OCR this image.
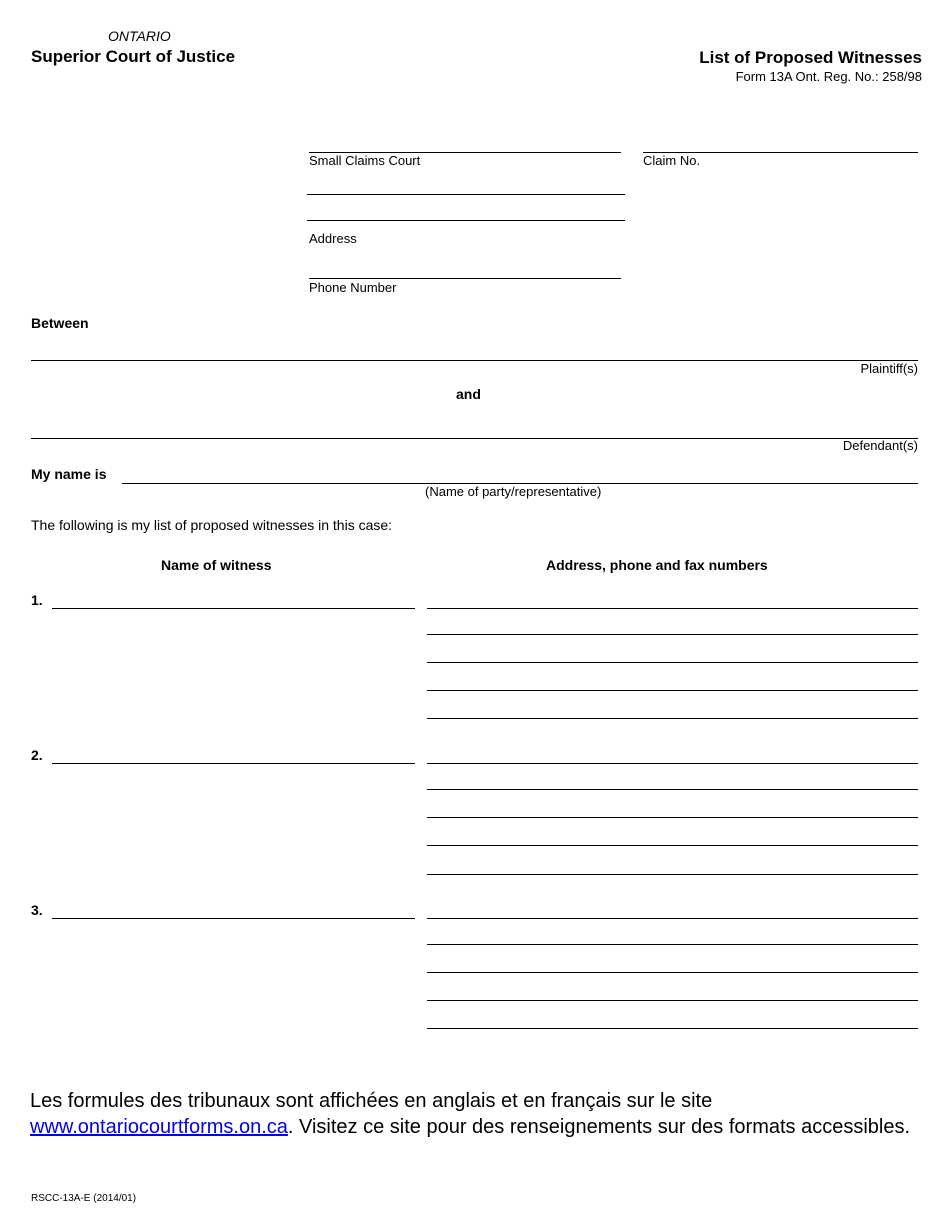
ONTARIO
Superior Court of Justice	List of Proposed Witnesses
Form 13A Ont. Reg. No.: 258/98
Small Claims Court	Claim No.
Address
Phone Number
Between
Plaintiff(s)
and
Defendant(s)
My name is
(Name of party/representative)
The following is my list of proposed witnesses in this case:
Name of witness	Address, phone and fax numbers
1.
2.
3.
Les formules des tribunaux sont affichées en anglais et en français sur le site
www.ontariocourtforms.on.ca. Visitez ce site pour des renseignements sur des formats accessibles.
RSCC-13A-E (2014/01)
